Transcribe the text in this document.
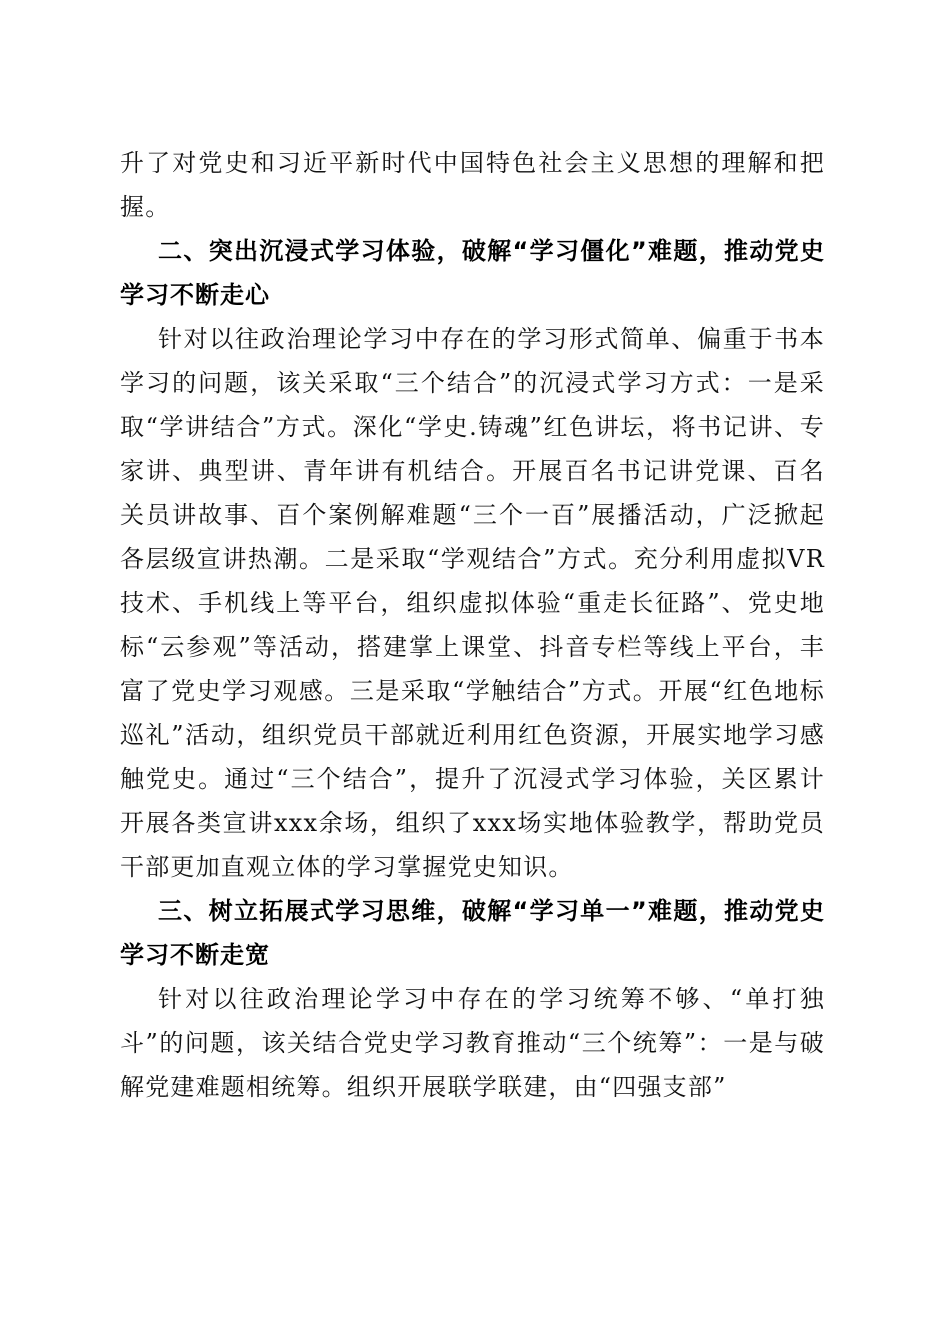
升了对党史和习近平新时代中国特色社会主义思想的理解和把握。

二、突出沉浸式学习体验，破解“学习僵化”难题，推动党史学习不断走心

针对以往政治理论学习中存在的学习形式简单、偏重于书本学习的问题，该关采取“三个结合”的沉浸式学习方式：一是采取“学讲结合”方式。深化“学史.铸魂”红色讲坛，将书记讲、专家讲、典型讲、青年讲有机结合。开展百名书记讲党课、百名关员讲故事、百个案例解难题“三个一百”展播活动，广泛掀起各层级宣讲热潮。二是采取“学观结合”方式。充分利用虚拟VR技术、手机线上等平台，组织虚拟体验“重走长征路”、党史地标“云参观”等活动，搭建掌上课堂、抖音专栏等线上平台，丰富了党史学习观感。三是采取“学触结合”方式。开展“红色地标巡礼”活动，组织党员干部就近利用红色资源，开展实地学习感触党史。通过“三个结合”，提升了沉浸式学习体验，关区累计开展各类宣讲xxx余场，组织了xxx场实地体验教学，帮助党员干部更加直观立体的学习掌握党史知识。

三、树立拓展式学习思维，破解“学习单一”难题，推动党史学习不断走宽

针对以往政治理论学习中存在的学习统筹不够、“单打独斗”的问题，该关结合党史学习教育推动“三个统筹”：一是与破解党建难题相统筹。组织开展联学联建，由“四强支部”
